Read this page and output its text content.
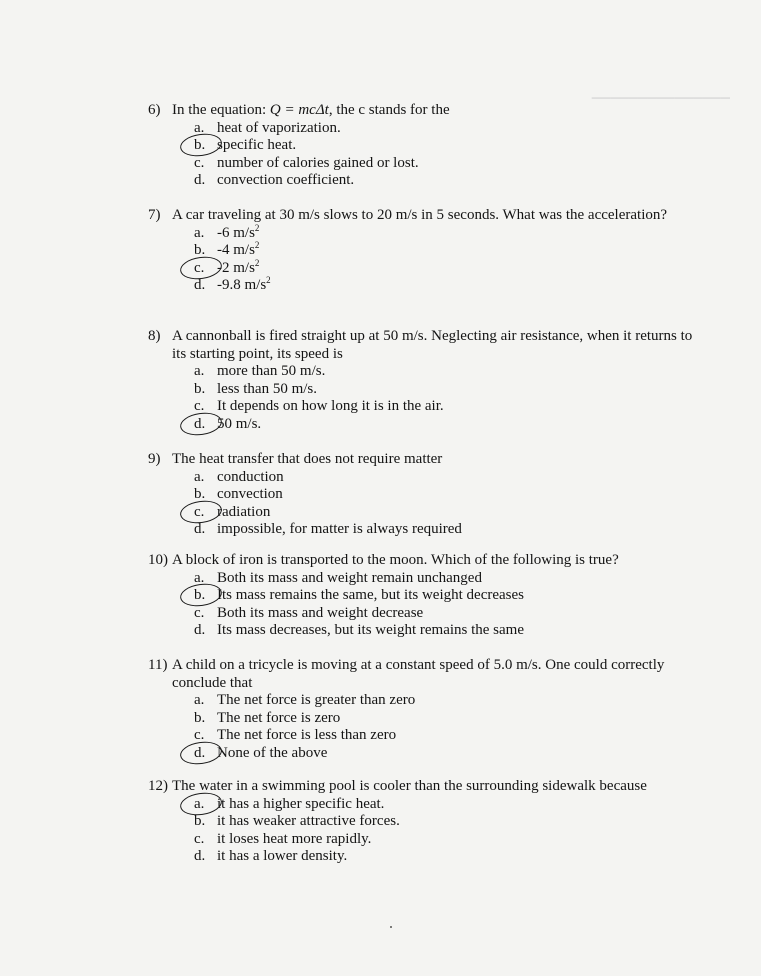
───────────────
6) In the equation: Q = mcΔt, the c stands for the
a. heat of vaporization.
b. specific heat.
c. number of calories gained or lost.
d. convection coefficient.
7) A car traveling at 30 m/s slows to 20 m/s in 5 seconds. What was the acceleration?
a. -6 $m/s^2$
b. -4 $m/s^2$
c. -2 $m/s^2$
d. -9.8 $m/s^2$
8) A cannonball is fired straight up at 50 m/s. Neglecting air resistance, when it returns to its starting point, its speed is
a. more than 50 m/s.
b. less than 50 m/s.
c. It depends on how long it is in the air.
d. 50 m/s.
9) The heat transfer that does not require matter
a. conduction
b. convection
c. radiation
d. impossible, for matter is always required
10) A block of iron is transported to the moon. Which of the following is true?
a. Both its mass and weight remain unchanged
b. Its mass remains the same, but its weight decreases
c. Both its mass and weight decrease
d. Its mass decreases, but its weight remains the same
11) A child on a tricycle is moving at a constant speed of 5.0 m/s. One could correctly conclude that
a. The net force is greater than zero
b. The net force is zero
c. The net force is less than zero
d. None of the above
12) The water in a swimming pool is cooler than the surrounding sidewalk because
a. it has a higher specific heat.
b. it has weaker attractive forces.
c. it loses heat more rapidly.
d. it has a lower density.
